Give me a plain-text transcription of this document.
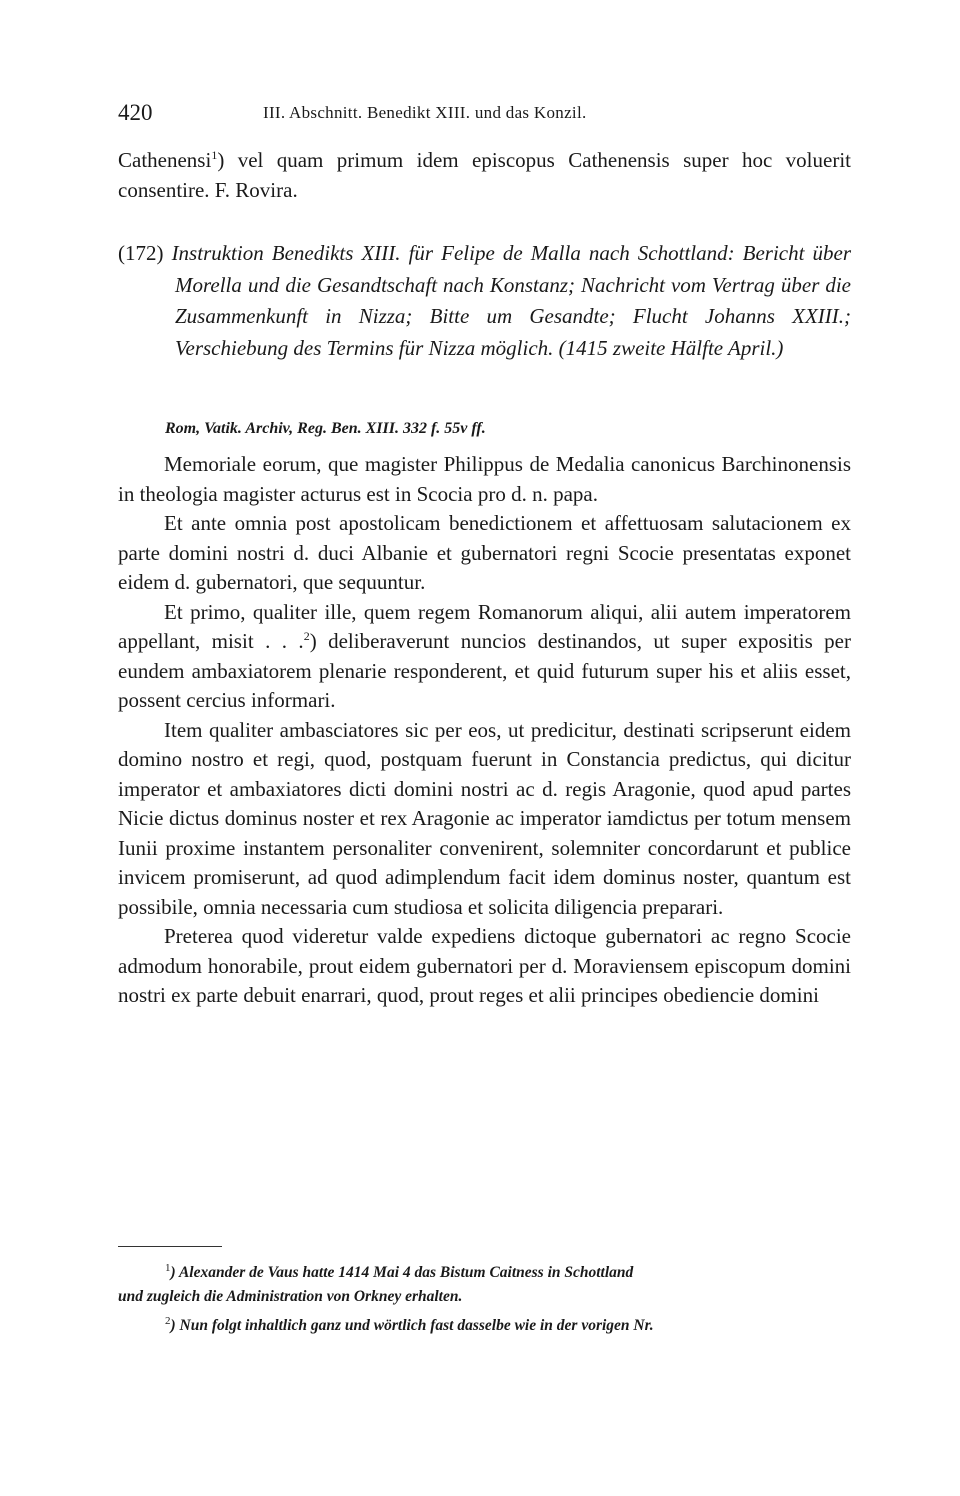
420	III. Abschnitt. Benedikt XIII. und das Konzil.

Cathenensi$^1$) vel quam primum idem episcopus Cathenensis super hoc voluerit consentire. F. Rovira.

(172) Instruktion Benedikts XIII. für Felipe de Malla nach Schottland: Bericht über Morella und die Gesandtschaft nach Konstanz; Nachricht vom Vertrag über die Zusammenkunft in Nizza; Bitte um Gesandte; Flucht Johanns XXIII.; Verschiebung des Termins für Nizza möglich. (1415 zweite Hälfte April.)

Rom, Vatik. Archiv, Reg. Ben. XIII. 332 f. 55v ff.

Memoriale eorum, que magister Philippus de Medalia canonicus Barchinonensis in theologia magister acturus est in Scocia pro d. n. papa.

Et ante omnia post apostolicam benedictionem et affettuosam salutacionem ex parte domini nostri d. duci Albanie et gubernatori regni Scocie presentatas exponet eidem d. gubernatori, que sequuntur.

Et primo, qualiter ille, quem regem Romanorum aliqui, alii autem imperatorem appellant, misit . . .$^2$) deliberaverunt nuncios destinandos, ut super expositis per eundem ambaxiatorem plenarie responderent, et quid futurum super his et aliis esset, possent cercius informari.

Item qualiter ambasciatores sic per eos, ut predicitur, destinati scripserunt eidem domino nostro et regi, quod, postquam fuerunt in Constancia predictus, qui dicitur imperator et ambaxiatores dicti domini nostri ac d. regis Aragonie, quod apud partes Nicie dictus dominus noster et rex Aragonie ac imperator iamdictus per totum mensem Iunii proxime instantem personaliter convenirent, solemniter concordarunt et publice invicem promiserunt, ad quod adimplendum facit idem dominus noster, quantum est possibile, omnia necessaria cum studiosa et solicita diligencia preparari.

Preterea quod videretur valde expediens dictoque gubernatori ac regno Scocie admodum honorabile, prout eidem gubernatori per d. Moraviensem episcopum domini nostri ex parte debuit enarrari, quod, prout reges et alii principes obediencie domini

$^1$) Alexander de Vaus hatte 1414 Mai 4 das Bistum Caitness in Schottland

und zugleich die Administration von Orkney erhalten.

$^2$) Nun folgt inhaltlich ganz und wörtlich fast dasselbe wie in der vorigen Nr.
